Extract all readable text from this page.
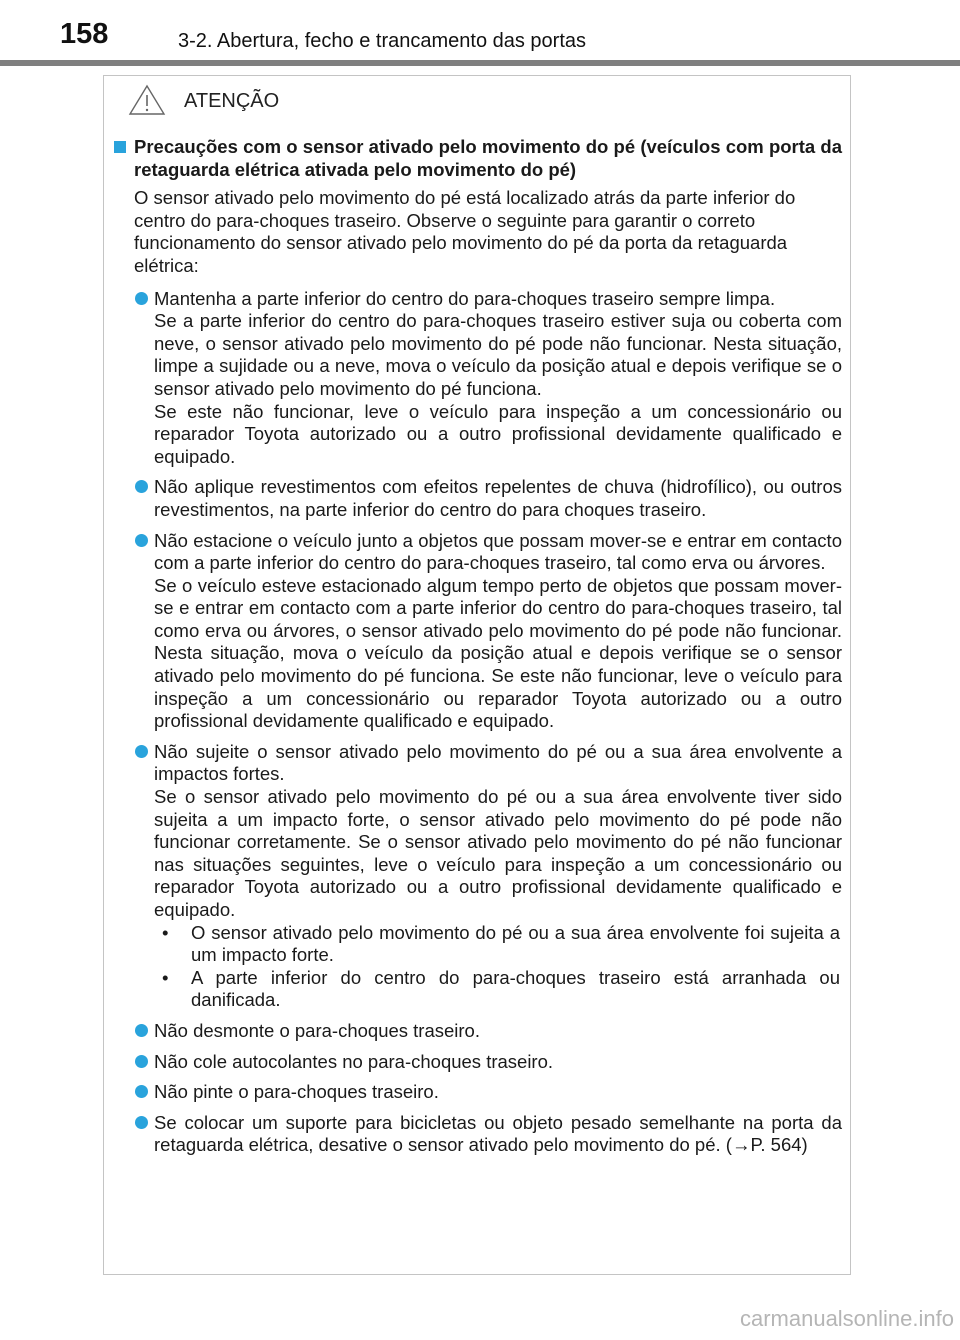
158	3-2. Abertura, fecho e trancamento das portas
ATENÇÃO
Precauções com o sensor ativado pelo movimento do pé (veículos com porta da retaguarda elétrica ativada pelo movimento do pé)
O sensor ativado pelo movimento do pé está localizado atrás da parte inferior do centro do para-choques traseiro. Observe o seguinte para garantir o correto funcionamento do sensor ativado pelo movimento do pé da porta da retaguarda elétrica:

Mantenha a parte inferior do centro do para-choques traseiro sempre limpa.

Se a parte inferior do centro do para-choques traseiro estiver suja ou coberta com neve, o sensor ativado pelo movimento do pé pode não funcionar. Nesta situação, limpe a sujidade ou a neve, mova o veículo da posição atual e depois verifique se o sensor ativado pelo movimento do pé funciona.

Se este não funcionar, leve o veículo para inspeção a um concessionário ou reparador Toyota autorizado ou a outro profissional devidamente qualificado e equipado.

Não aplique revestimentos com efeitos repelentes de chuva (hidrofílico), ou outros revestimentos, na parte inferior do centro do para choques traseiro.

Não estacione o veículo junto a objetos que possam mover-se e entrar em contacto com a parte inferior do centro do para-choques traseiro, tal como erva ou árvores.

Se o veículo esteve estacionado algum tempo perto de objetos que possam mover-se e entrar em contacto com a parte inferior do centro do para-choques traseiro, tal como erva ou árvores, o sensor ativado pelo movimento do pé pode não funcionar. Nesta situação, mova o veículo da posição atual e depois verifique se o sensor ativado pelo movimento do pé funciona. Se este não funcionar, leve o veículo para inspeção a um concessionário ou reparador Toyota autorizado ou a outro profissional devidamente qualificado e equipado.

Não sujeite o sensor ativado pelo movimento do pé ou a sua área envolvente a impactos fortes.

Se o sensor ativado pelo movimento do pé ou a sua área envolvente tiver sido sujeita a um impacto forte, o sensor ativado pelo movimento do pé pode não funcionar corretamente. Se o sensor ativado pelo movimento do pé não funcionar nas situações seguintes, leve o veículo para inspeção a um concessionário ou reparador Toyota autorizado ou a outro profissional devidamente qualificado e equipado.

• O sensor ativado pelo movimento do pé ou a sua área envolvente foi sujeita a um impacto forte.

• A parte inferior do centro do para-choques traseiro está arranhada ou danificada.

Não desmonte o para-choques traseiro.

Não cole autocolantes no para-choques traseiro.

Não pinte o para-choques traseiro.

Se colocar um suporte para bicicletas ou objeto pesado semelhante na porta da retaguarda elétrica, desative o sensor ativado pelo movimento do pé. (→P. 564)

carmanualsonline.info
